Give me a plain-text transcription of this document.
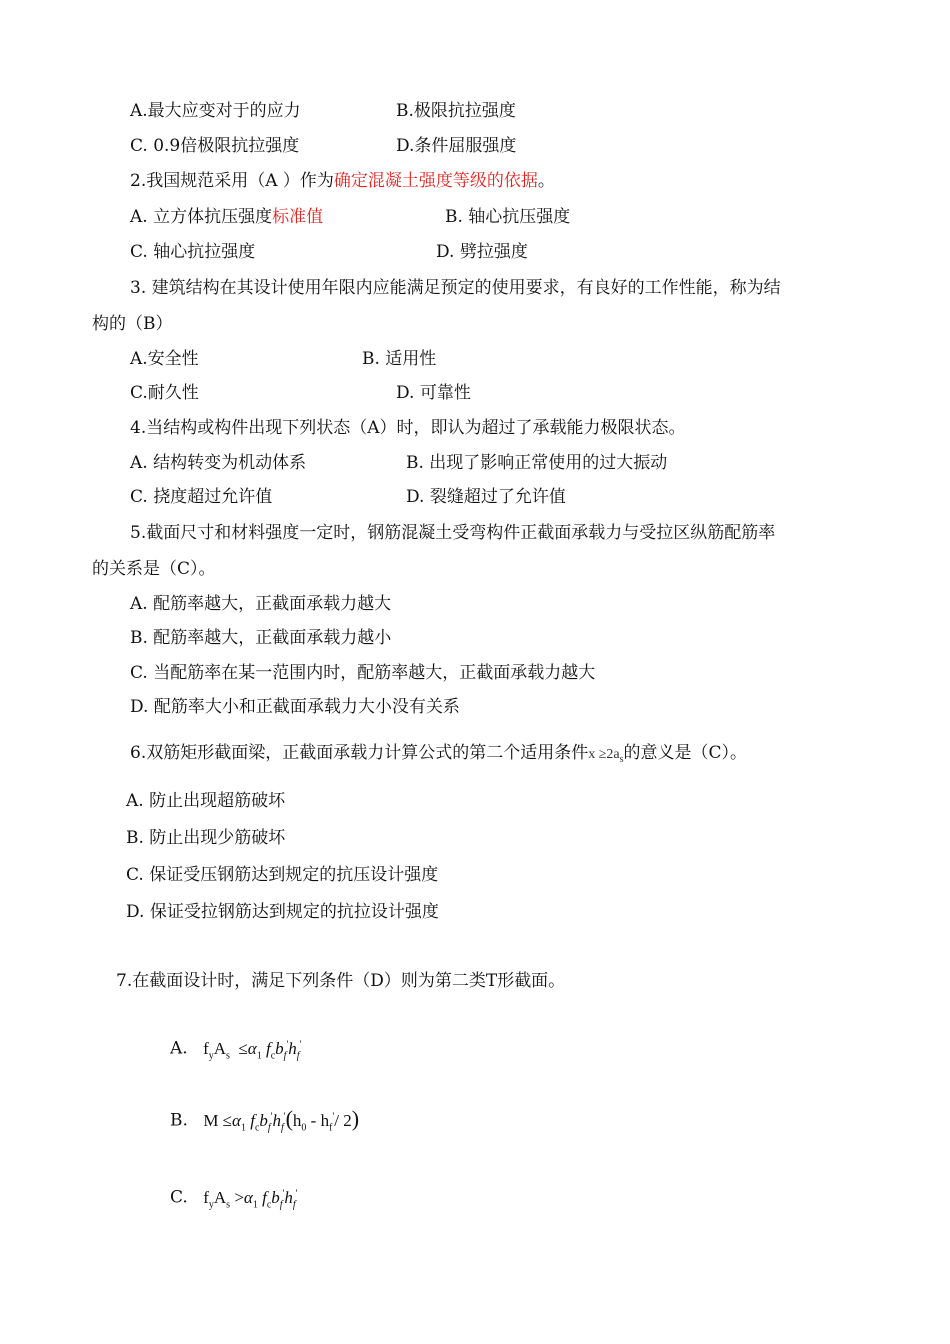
A.最大应变对于的应力	B.极限抗拉强度
C. 0.9倍极限抗拉强度	D.条件屈服强度
2.我国规范采用（A ）作为确定混凝土强度等级的依据。
A. 立方体抗压强度标准值	B. 轴心抗压强度
C. 轴心抗拉强度	D. 劈拉强度
3. 建筑结构在其设计使用年限内应能满足预定的使用要求，有良好的工作性能，称为结
构的（B）
A.安全性	B. 适用性
C.耐久性	D. 可靠性
4.当结构或构件出现下列状态（A）时，即认为超过了承载能力极限状态。
A. 结构转变为机动体系	B. 出现了影响正常使用的过大振动
C. 挠度超过允许值	D. 裂缝超过了允许值
5.截面尺寸和材料强度一定时，钢筋混凝土受弯构件正截面承载力与受拉区纵筋配筋率
的关系是（C）。
A. 配筋率越大，正截面承载力越大
B. 配筋率越大，正截面承载力越小
C. 当配筋率在某一范围内时，配筋率越大，正截面承载力越大
D. 配筋率大小和正截面承载力大小没有关系
6.双筋矩形截面梁，正截面承载力计算公式的第二个适用条件$x \ge 2a_s$的意义是（C）。
A. 防止出现超筋破坏
B. 防止出现少筋破坏
C. 保证受压钢筋达到规定的抗压设计强度
D. 保证受拉钢筋达到规定的抗拉设计强度
7.在截面设计时，满足下列条件（D）则为第二类T形截面。
A. $f_yA_s \le\alpha_1$ $f_cb_f'h_f'$
B. $M \le\alpha_1$ $f_cb_f'h_f'(h_0 - h_f'/$ 2)
C. $f_yA_s >\alpha_1$ $f_cb_f'h_f'$
